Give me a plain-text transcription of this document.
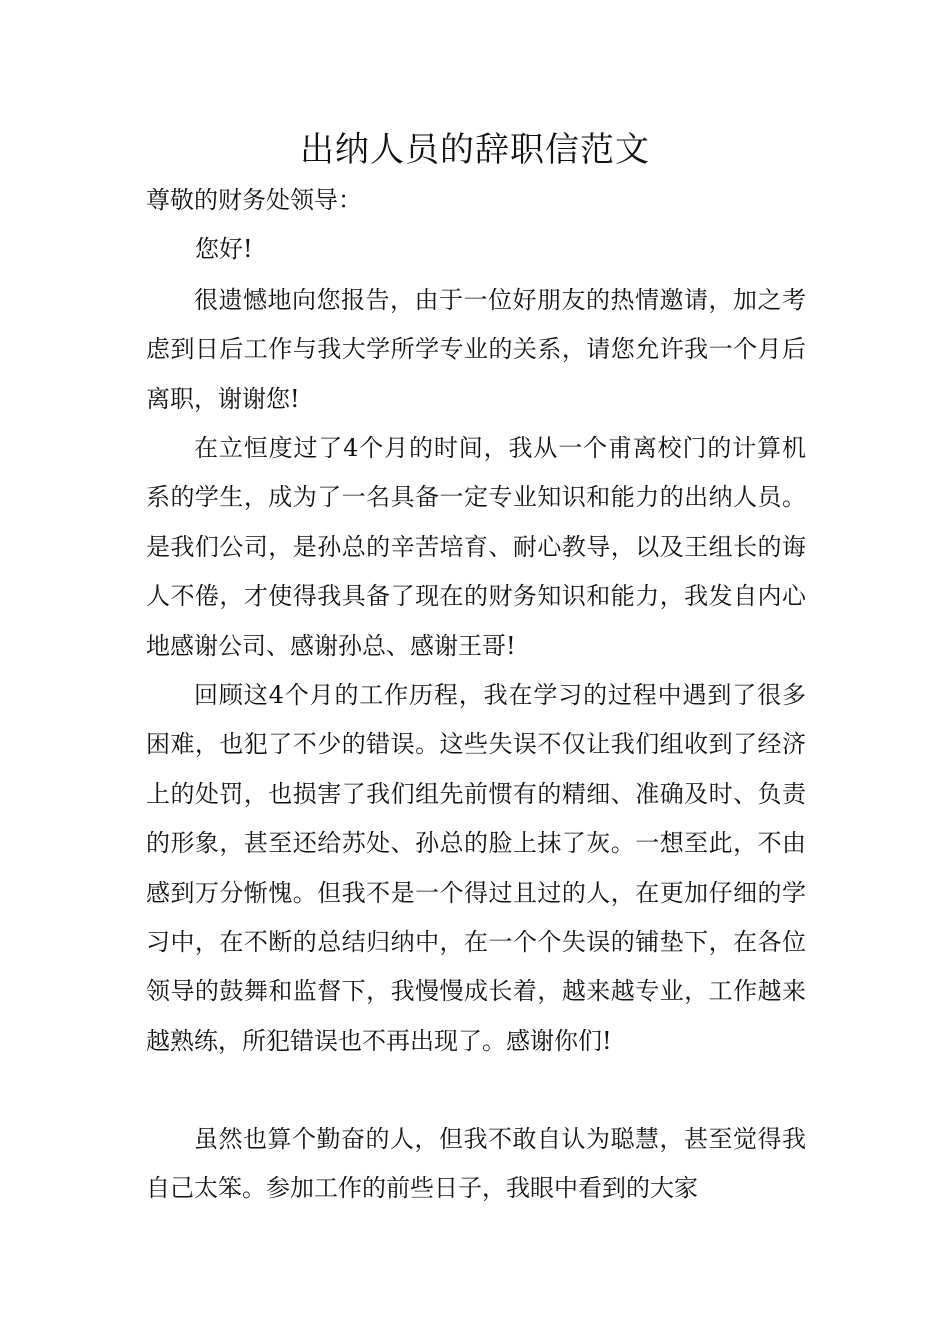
出纳人员的辞职信范文

尊敬的财务处领导：

您好!

很遗憾地向您报告，由于一位好朋友的热情邀请，加之考虑到日后工作与我大学所学专业的关系，请您允许我一个月后离职，谢谢您!

在立恒度过了4个月的时间，我从一个甫离校门的计算机系的学生，成为了一名具备一定专业知识和能力的出纳人员。是我们公司，是孙总的辛苦培育、耐心教导，以及王组长的诲人不倦，才使得我具备了现在的财务知识和能力，我发自内心地感谢公司、感谢孙总、感谢王哥!

回顾这4个月的工作历程，我在学习的过程中遇到了很多困难，也犯了不少的错误。这些失误不仅让我们组收到了经济上的处罚，也损害了我们组先前惯有的精细、准确及时、负责的形象，甚至还给苏处、孙总的脸上抹了灰。一想至此，不由感到万分惭愧。但我不是一个得过且过的人，在更加仔细的学习中，在不断的总结归纳中，在一个个失误的铺垫下，在各位领导的鼓舞和监督下，我慢慢成长着，越来越专业，工作越来越熟练，所犯错误也不再出现了。感谢你们!

虽然也算个勤奋的人，但我不敢自认为聪慧，甚至觉得我自己太笨。参加工作的前些日子，我眼中看到的大家
